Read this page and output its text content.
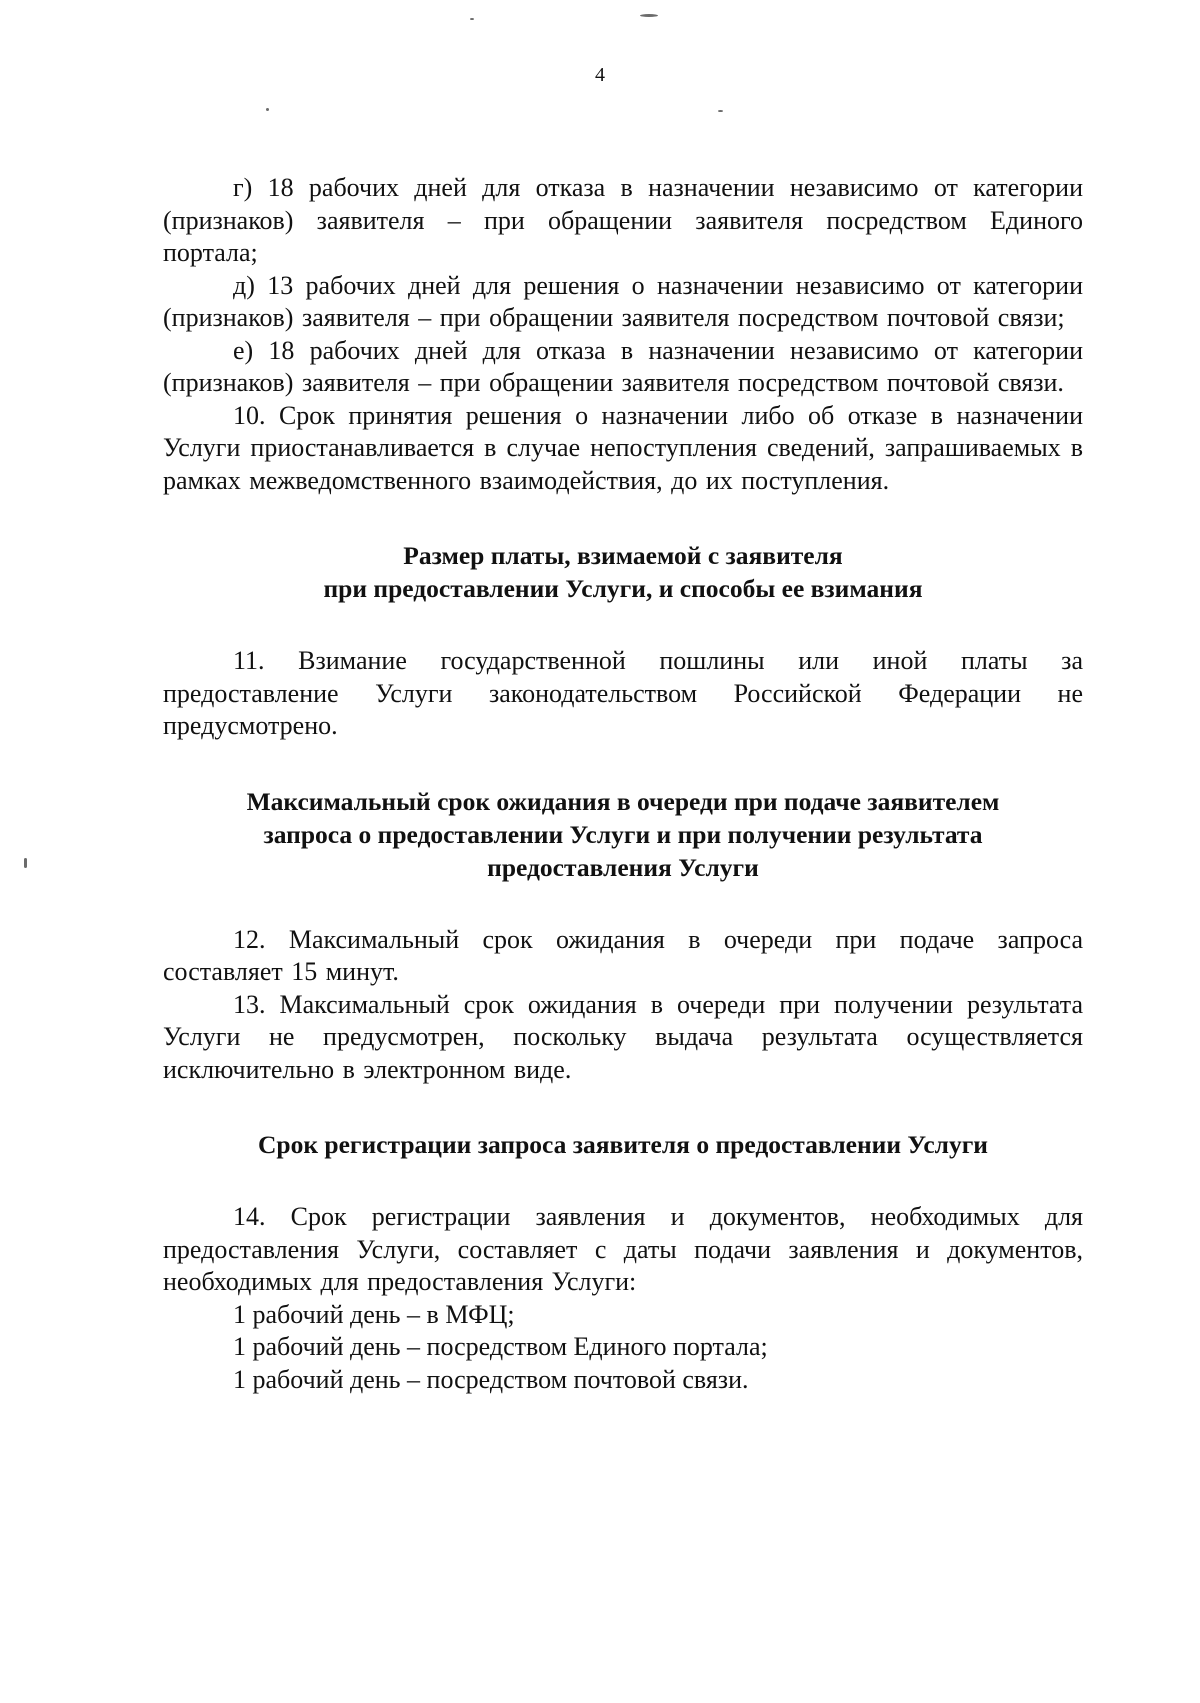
4

г) 18 рабочих дней для отказа в назначении независимо от категории (признаков) заявителя – при обращении заявителя посредством Единого портала;

д) 13 рабочих дней для решения о назначении независимо от категории (признаков) заявителя – при обращении заявителя посредством почтовой связи;

е) 18 рабочих дней для отказа в назначении независимо от категории (признаков) заявителя – при обращении заявителя посредством почтовой связи.

10. Срок принятия решения о назначении либо об отказе в назначении Услуги приостанавливается в случае непоступления сведений, запрашиваемых в рамках межведомственного взаимодействия, до их поступления.

Размер платы, взимаемой с заявителя
при предоставлении Услуги, и способы ее взимания

11. Взимание государственной пошлины или иной платы за предоставление Услуги законодательством Российской Федерации не предусмотрено.

Максимальный срок ожидания в очереди при подаче заявителем
запроса о предоставлении Услуги и при получении результата
предоставления Услуги

12. Максимальный срок ожидания в очереди при подаче запроса составляет 15 минут.

13. Максимальный срок ожидания в очереди при получении результата Услуги не предусмотрен, поскольку выдача результата осуществляется исключительно в электронном виде.

Срок регистрации запроса заявителя о предоставлении Услуги

14. Срок регистрации заявления и документов, необходимых для предоставления Услуги, составляет с даты подачи заявления и документов, необходимых для предоставления Услуги:

1 рабочий день – в МФЦ;

1 рабочий день – посредством Единого портала;

1 рабочий день – посредством почтовой связи.
